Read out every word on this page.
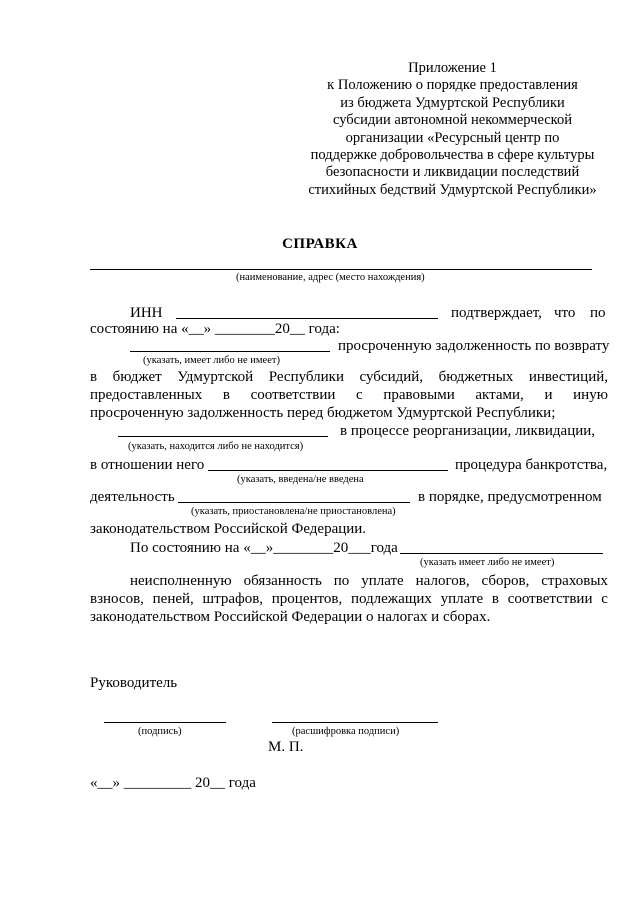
Приложение 1
к Положению о порядке предоставления
из бюджета Удмуртской Республики
субсидии автономной некоммерческой
организации «Ресурсный центр по
поддержке добровольчества в сфере культуры
безопасности и ликвидации последствий
стихийных бедствий Удмуртской Республики»
СПРАВКА
(наименование, адрес (место нахождения)
ИНН	подтверждает, что по
состоянию на «__» ________20__ года:
просроченную задолженность по возврату
(указать, имеет либо не имеет)
в бюджет Удмуртской Республики субсидий, бюджетных инвестиций,
предоставленных в соответствии с правовыми актами, и иную
просроченную задолженность перед бюджетом Удмуртской Республики;
в процессе реорганизации, ликвидации,
(указать, находится либо не находится)
в отношении него	процедура банкротства,
(указать, введена/не введена
деятельность	в порядке, предусмотренном
(указать, приостановлена/не приостановлена)
законодательством Российской Федерации.
По состоянию на «__»________20___года
(указать имеет либо не имеет)
неисполненную обязанность по уплате налогов, сборов, страховых
взносов, пеней, штрафов, процентов, подлежащих уплате в соответствии с
законодательством Российской Федерации о налогах и сборах.
Руководитель
(подпись)	(расшифровка подписи)
М. П.
«__» _________ 20__ года
